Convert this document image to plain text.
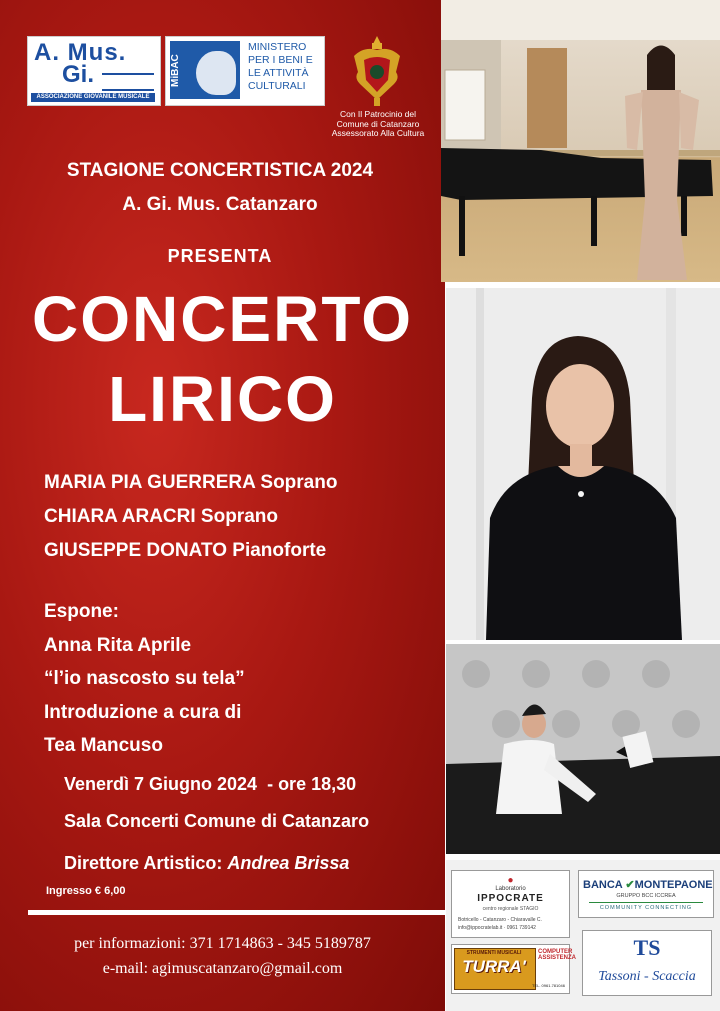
A. Mus.
Gi.
ASSOCIAZIONE GIOVANILE MUSICALE
MiBAC
MINISTERO
PER I BENI E
LE ATTIVITÀ
CULTURALI
Con Il Patrocinio del
Comune di Catanzaro
Assessorato Alla Cultura
STAGIONE CONCERTISTICA 2024
A. Gi. Mus. Catanzaro
PRESENTA
CONCERTO
LIRICO
MARIA PIA GUERRERA Soprano
CHIARA ARACRI Soprano
GIUSEPPE DONATO Pianoforte
Espone:
Anna Rita Aprile
“l’io nascosto su tela”
Introduzione a cura di
Tea Mancuso
Venerdì 7 Giugno 2024  - ore 18,30
Sala Concerti Comune di Catanzaro
Direttore Artistico: Andrea Brissa
Ingresso € 6,00
per informazioni: 371 1714863 - 345 5189787
e-mail: agimuscatanzaro@gmail.com
●
Laboratorio
IPPOCRATE
centro regionale STAGIO
Botricello - Catanzaro - Chiaravalle C.
info@ippocratelab.it · 0961 739142
BANCA ✔MONTEPAONE
GRUPPO BCC ICCREA
COMMUNITY CONNECTING
STRUMENTI MUSICALI
TURRA'
COMPUTER ASSISTENZA
TEL. 0961.781046
TS
Tassoni - Scaccia
